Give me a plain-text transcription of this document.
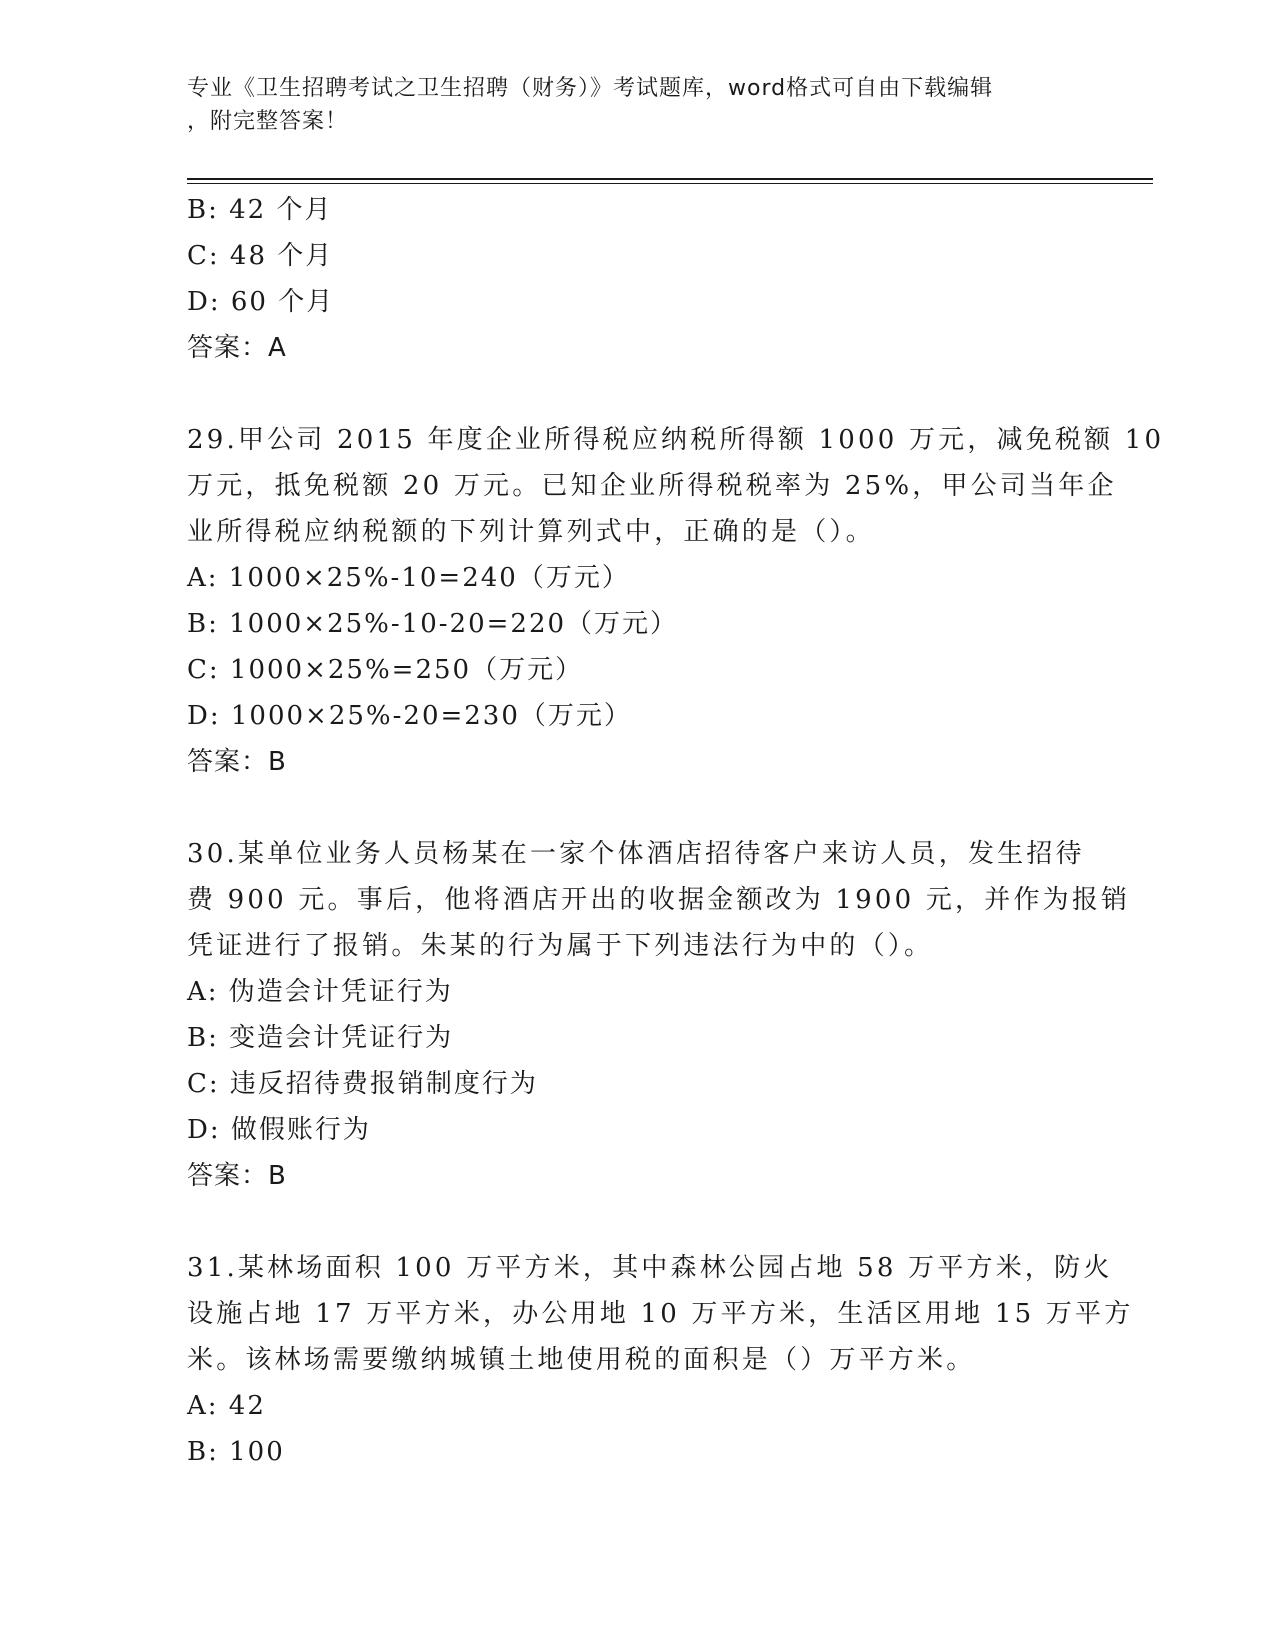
专业《卫生招聘考试之卫生招聘（财务）》考试题库，word格式可自由下载编辑
，附完整答案！
B: 42 个月
C: 48 个月
D: 60 个月
答案：A
29.甲公司 2015 年度企业所得税应纳税所得额 1000 万元，减免税额 10
万元，抵免税额 20 万元。已知企业所得税税率为 25%，甲公司当年企
业所得税应纳税额的下列计算列式中，正确的是（）。
A: 1000×25%-10=240（万元）
B: 1000×25%-10-20=220（万元）
C: 1000×25%=250（万元）
D: 1000×25%-20=230（万元）
答案：B
30.某单位业务人员杨某在一家个体酒店招待客户来访人员，发生招待
费 900 元。事后，他将酒店开出的收据金额改为 1900 元，并作为报销
凭证进行了报销。朱某的行为属于下列违法行为中的（）。
A: 伪造会计凭证行为
B: 变造会计凭证行为
C: 违反招待费报销制度行为
D: 做假账行为
答案：B
31.某林场面积 100 万平方米，其中森林公园占地 58 万平方米，防火
设施占地 17 万平方米，办公用地 10 万平方米，生活区用地 15 万平方
米。该林场需要缴纳城镇土地使用税的面积是（）万平方米。
A: 42
B: 100
